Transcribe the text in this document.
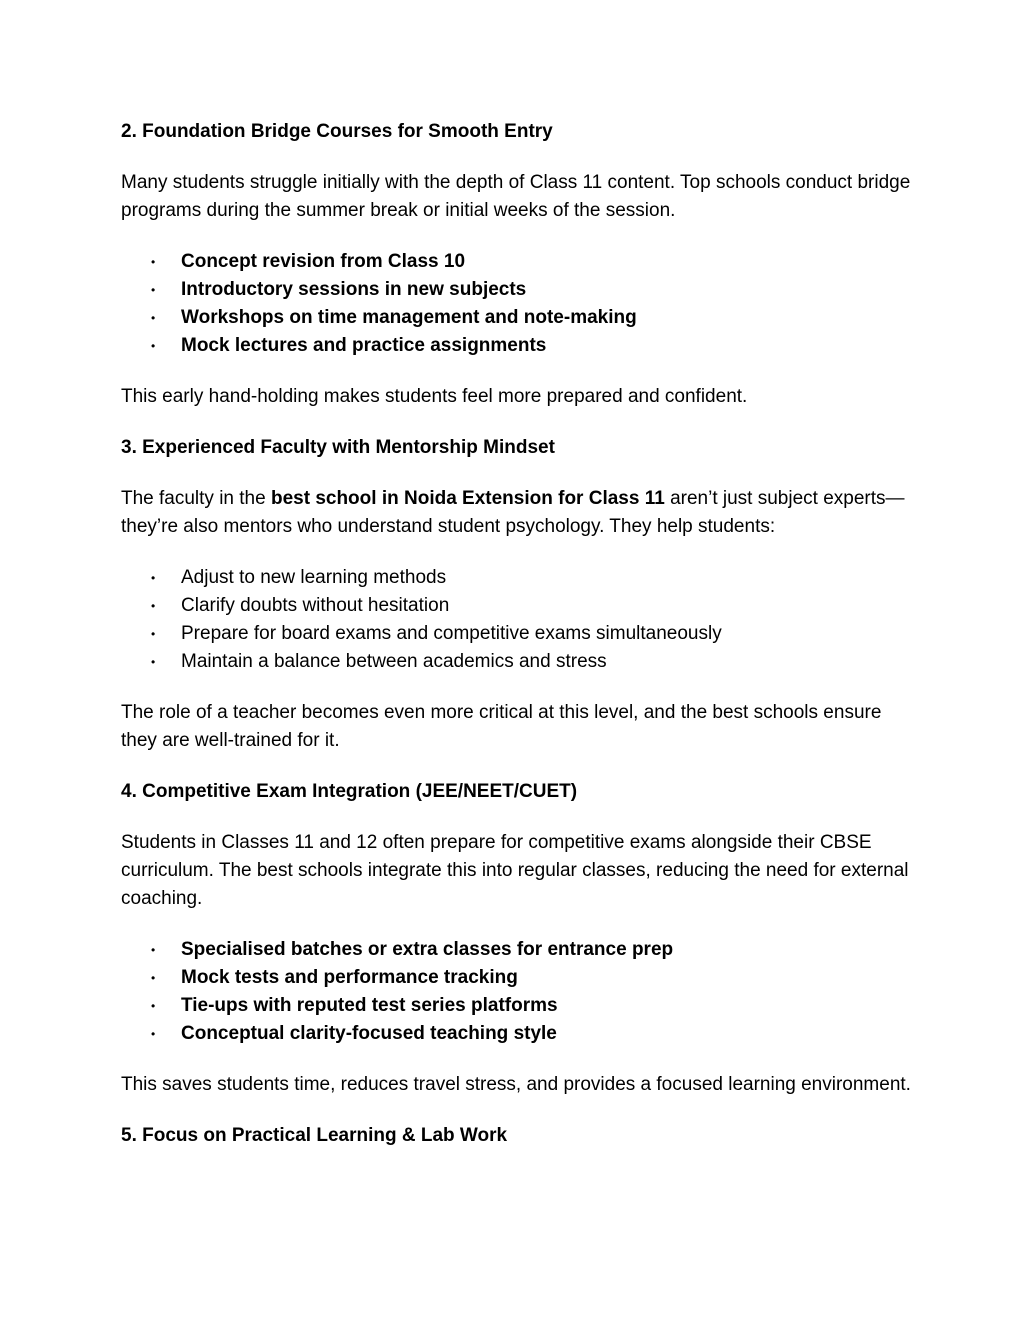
2. Foundation Bridge Courses for Smooth Entry

Many students struggle initially with the depth of Class 11 content. Top schools conduct bridge programs during the summer break or initial weeks of the session.

• Concept revision from Class 10
• Introductory sessions in new subjects
• Workshops on time management and note-making
• Mock lectures and practice assignments

This early hand-holding makes students feel more prepared and confident.

3. Experienced Faculty with Mentorship Mindset

The faculty in the best school in Noida Extension for Class 11 aren’t just subject experts—they’re also mentors who understand student psychology. They help students:

• Adjust to new learning methods
• Clarify doubts without hesitation
• Prepare for board exams and competitive exams simultaneously
• Maintain a balance between academics and stress

The role of a teacher becomes even more critical at this level, and the best schools ensure they are well-trained for it.

4. Competitive Exam Integration (JEE/NEET/CUET)

Students in Classes 11 and 12 often prepare for competitive exams alongside their CBSE curriculum. The best schools integrate this into regular classes, reducing the need for external coaching.

• Specialised batches or extra classes for entrance prep
• Mock tests and performance tracking
• Tie-ups with reputed test series platforms
• Conceptual clarity-focused teaching style

This saves students time, reduces travel stress, and provides a focused learning environment.

5. Focus on Practical Learning & Lab Work
